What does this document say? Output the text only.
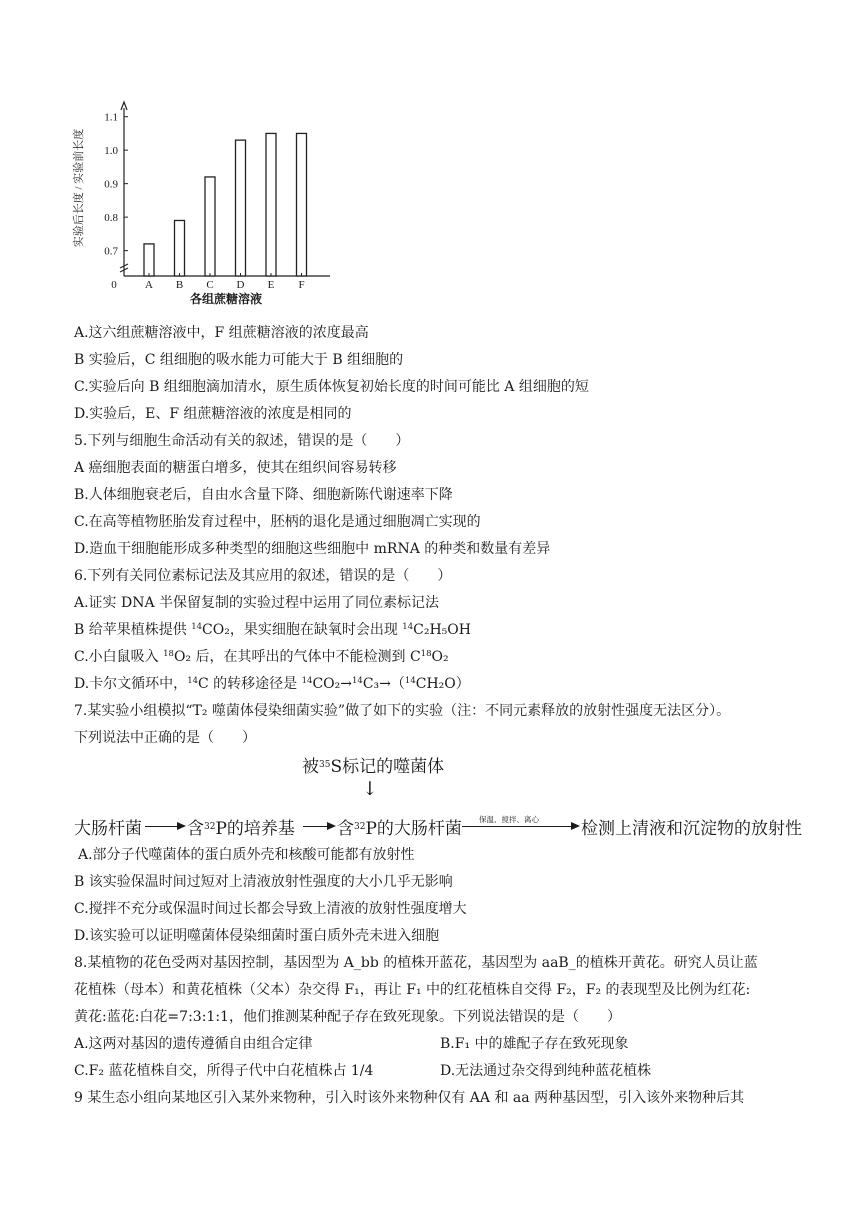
0.7
0.8
0.9
1.0
1.1
0	A B C D E F
各组蔗糖溶液
实验后长度 / 实验前长度
A.这六组蔗糖溶液中，F 组蔗糖溶液的浓度最高
B 实验后，C 组细胞的吸水能力可能大于 B 组细胞的
C.实验后向 B 组细胞滴加清水，原生质体恢复初始长度的时间可能比 A 组细胞的短
D.实验后，E、F 组蔗糖溶液的浓度是相同的
5.下列与细胞生命活动有关的叙述，错误的是（　　）
A 癌细胞表面的糖蛋白增多，使其在组织间容易转移
B.人体细胞衰老后，自由水含量下降、细胞新陈代谢速率下降
C.在高等植物胚胎发育过程中，胚柄的退化是通过细胞凋亡实现的
D.造血干细胞能形成多种类型的细胞这些细胞中 mRNA 的种类和数量有差异
6.下列有关同位素标记法及其应用的叙述，错误的是（　　）
A.证实 DNA 半保留复制的实验过程中运用了同位素标记法
B 给苹果植株提供 $^{14}$CO₂，果实细胞在缺氧时会出现 $^{14}$C₂H₅OH
C.小白鼠吸入 $^{18}$O₂ 后，在其呼出的气体中不能检测到 $C^{18}O_2$
D.卡尔文循环中，$^{14}$C 的转移途径是 $^{14}$CO₂→$^{14}$C₃→（$^{14}$CH₂O）
7.某实验小组模拟“T₂ 噬菌体侵染细菌实验”做了如下的实验（注：不同元素释放的放射性强度无法区分）。
下列说法中正确的是（　　）
被$^{35}$S标记的噬菌体
↓
大肠杆菌	含$^{32}$P的培养基 含$^{32}$P的大肠杆菌 保温、搅拌、离心 检测上清液和沉淀物的放射性
A.部分子代噬菌体的蛋白质外壳和核酸可能都有放射性
B 该实验保温时间过短对上清液放射性强度的大小几乎无影响
C.搅拌不充分或保温时间过长都会导致上清液的放射性强度增大
D.该实验可以证明噬菌体侵染细菌时蛋白质外壳未进入细胞
8.某植物的花色受两对基因控制，基因型为 A_bb 的植株开蓝花，基因型为 aaB_的植株开黄花。研究人员让蓝
花植株（母本）和黄花植株（父本）杂交得 F₁，再让 F₁ 中的红花植株自交得 F₂，F₂ 的表现型及比例为红花:
黄花:蓝花:白花=7:3:1:1，他们推测某种配子存在致死现象。下列说法错误的是（　　）
A.这两对基因的遗传遵循自由组合定律	B.F₁ 中的雄配子存在致死现象
C.F₂ 蓝花植株自交，所得子代中白花植株占 1/4	D.无法通过杂交得到纯种蓝花植株
9 某生态小组向某地区引入某外来物种，引入时该外来物种仅有 AA 和 aa 两种基因型，引入该外来物种后其
